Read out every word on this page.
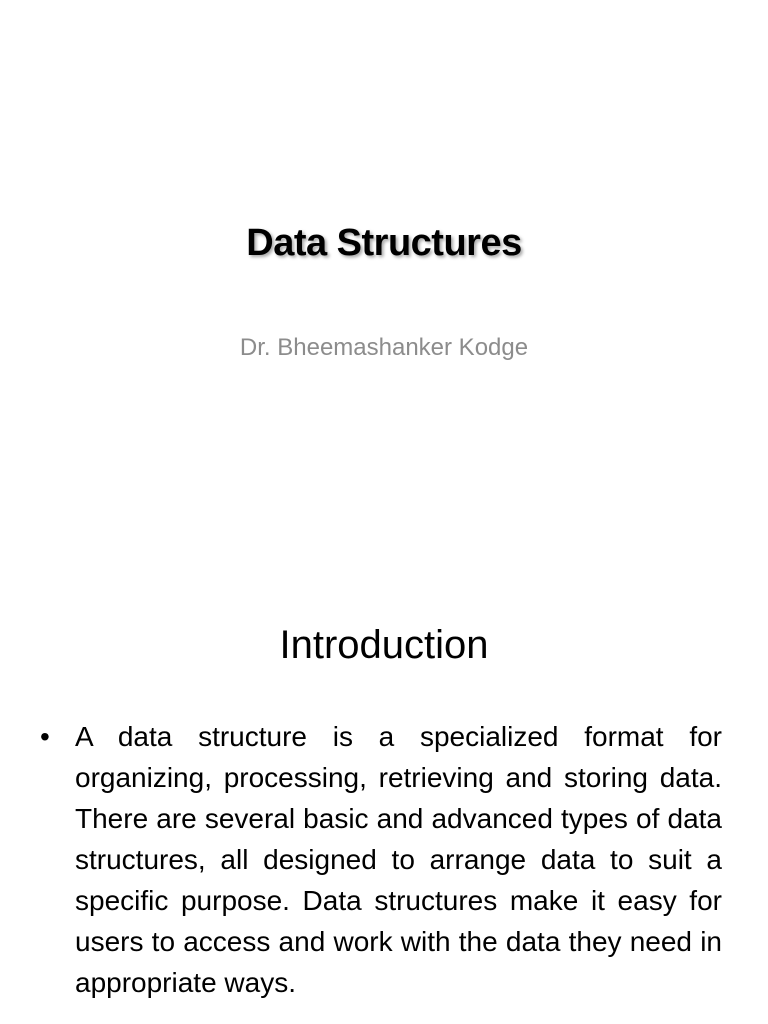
Data Structures
Dr. Bheemashanker Kodge
Introduction
• A data structure is a specialized format for organizing, processing, retrieving and storing data. There are several basic and advanced types of data structures, all designed to arrange data to suit a specific purpose. Data structures make it easy for users to access and work with the data they need in appropriate ways.
